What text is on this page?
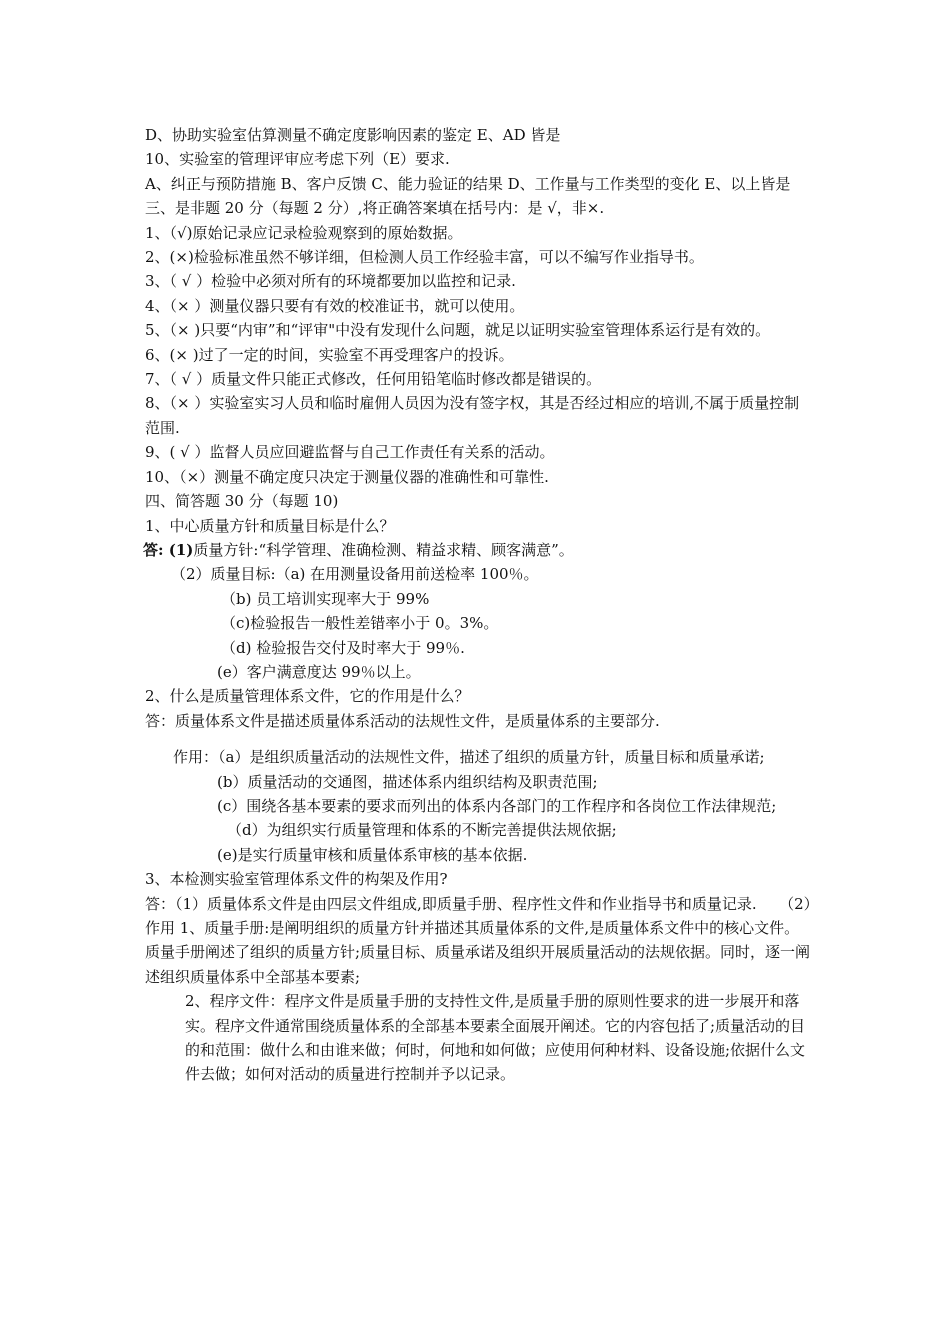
D、协助实验室估算测量不确定度影响因素的鉴定 E、AD 皆是
10、实验室的管理评审应考虑下列（E）要求.
A、纠正与预防措施 B、客户反馈 C、能力验证的结果 D、工作量与工作类型的变化 E、以上皆是
三、是非题 20 分（每题 2 分）,将正确答案填在括号内：是 √，非×.
1、（√)原始记录应记录检验观察到的原始数据。
2、(×)检验标准虽然不够详细，但检测人员工作经验丰富，可以不编写作业指导书。
3、（ √ ）检验中必须对所有的环境都要加以监控和记录.
4、（× ）测量仪器只要有有效的校准证书，就可以使用。
5、（× )只要“内审”和“评审"中没有发现什么问题，就足以证明实验室管理体系运行是有效的。
6、(× )过了一定的时间，实验室不再受理客户的投诉。
7、（ √ ）质量文件只能正式修改，任何用铅笔临时修改都是错误的。
8、（× ）实验室实习人员和临时雇佣人员因为没有签字权，其是否经过相应的培训,不属于质量控制范围.
9、( √ ）监督人员应回避监督与自己工作责任有关系的活动。
10、（×）测量不确定度只决定于测量仪器的准确性和可靠性.
四、简答题 30 分（每题 10)
1、中心质量方针和质量目标是什么？
答: (1)质量方针:“科学管理、准确检测、精益求精、顾客满意”。
（2）质量目标:（a) 在用测量设备用前送检率 100％。
（b) 员工培训实现率大于 99%
（c)检验报告一般性差错率小于 0。3%。
（d) 检验报告交付及时率大于 99％.
(e）客户满意度达 99％以上。
2、什么是质量管理体系文件，它的作用是什么？
答：质量体系文件是描述质量体系活动的法规性文件，是质量体系的主要部分.
作用：（a）是组织质量活动的法规性文件，描述了组织的质量方针，质量目标和质量承诺;
(b）质量活动的交通图，描述体系内组织结构及职责范围;
(c）围绕各基本要素的要求而列出的体系内各部门的工作程序和各岗位工作法律规范;
（d）为组织实行质量管理和体系的不断完善提供法规依据;
(e)是实行质量审核和质量体系审核的基本依据.
3、本检测实验室管理体系文件的构架及作用?
答：（1）质量体系文件是由四层文件组成,即质量手册、程序性文件和作业指导书和质量记录.　　（2）作用 1、质量手册:是阐明组织的质量方针并描述其质量体系的文件,是质量体系文件中的核心文件。质量手册阐述了组织的质量方针;质量目标、质量承诺及组织开展质量活动的法规依据。同时，逐一阐述组织质量体系中全部基本要素;
2、程序文件：程序文件是质量手册的支持性文件,是质量手册的原则性要求的进一步展开和落实。程序文件通常围绕质量体系的全部基本要素全面展开阐述。它的内容包括了;质量活动的目的和范围：做什么和由谁来做；何时，何地和如何做；应使用何种材料、设备设施;依据什么文件去做；如何对活动的质量进行控制并予以记录。
